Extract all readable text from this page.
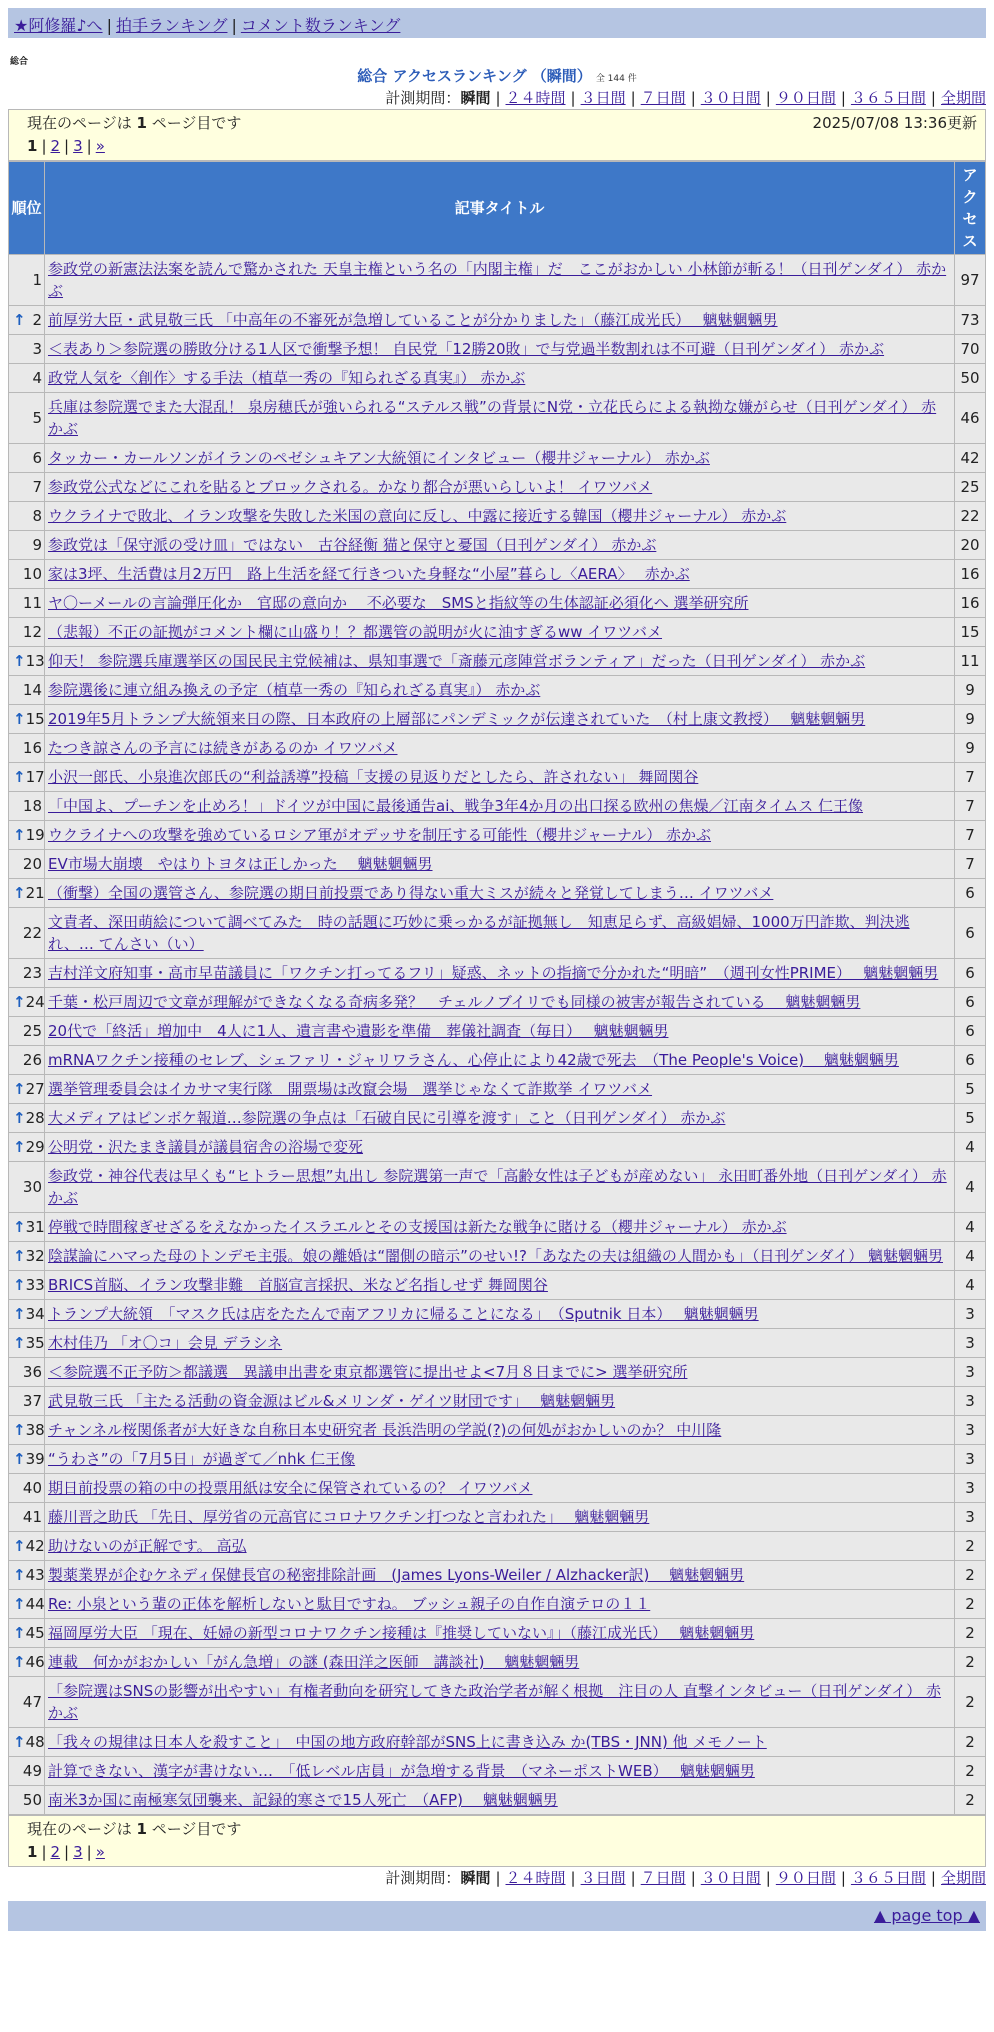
★阿修羅♪へ | 拍手ランキング | コメント数ランキング
総合
総合 アクセスランキング （瞬間） 全 144 件
計測期間：瞬間 | ２４時間 | ３日間 | ７日間 | ３０日間 | ９０日間 | ３６５日間 | 全期間
現在のページは 1 ページ目です	2025/07/08 13:36更新
1 | 2 | 3 | »
順位	記事タイトル	アクセス
1	参政党の新憲法法案を読んで驚かされた 天皇主権という名の「内閣主権」だ　ここがおかしい 小林節が斬る！（日刊ゲンダイ） 赤かぶ	97

↑ 2	前厚労大臣・武見敬三氏 「中高年の不審死が急増していることが分かりました」（藤江成光氏）　 魑魅魍魎男	73
3	＜表あり＞参院選の勝敗分ける1人区で衝撃予想！ 自民党「12勝20敗」で与党過半数割れは不可避（日刊ゲンダイ） 赤かぶ	70
4	政党人気を〈創作〉する手法（植草一秀の『知られざる真実』） 赤かぶ	50
5	兵庫は参院選でまた大混乱！ 泉房穂氏が強いられる“ステルス戦”の背景にN党・立花氏らによる執拗な嫌がらせ（日刊ゲンダイ） 赤かぶ	46
6	タッカー・カールソンがイランのペゼシュキアン大統領にインタビュー（櫻井ジャーナル） 赤かぶ	42
7	参政党公式などにこれを貼るとブロックされる。かなり都合が悪いらしいよ！ イワツバメ	25
8	ウクライナで敗北、イラン攻撃を失敗した米国の意向に反し、中露に接近する韓国（櫻井ジャーナル） 赤かぶ	22
9	参政党は「保守派の受け皿」ではない　古谷経衡 猫と保守と憂国（日刊ゲンダイ） 赤かぶ	20
10	家は3坪、生活費は月2万円　路上生活を経て行きついた身軽な“小屋”暮らし〈AERA〉　 赤かぶ	16
11	ヤ〇ーメールの言論弾圧化か　官邸の意向か　 不必要な　SMSと指紋等の生体認証必須化へ 選挙研究所	16
12	（悲報）不正の証拠がコメント欄に山盛り！？都選管の説明が火に油すぎるww イワツバメ	15

↑ 13	仰天！ 参院選兵庫選挙区の国民民主党候補は、県知事選で「斎藤元彦陣営ボランティア」だった（日刊ゲンダイ） 赤かぶ	11
14	参院選後に連立組み換えの予定（植草一秀の『知られざる真実』） 赤かぶ	9

↑ 15	2019年5月トランプ大統領来日の際、日本政府の上層部にパンデミックが伝達されていた　（村上康文教授）　 魑魅魍魎男	9
16	たつき諒さんの予言には続きがあるのか イワツバメ	9

↑ 17	小沢一郎氏、小泉進次郎氏の“利益誘導”投稿「支援の見返りだとしたら、許されない」 舞岡関谷	7
18	「中国よ、プーチンを止めろ！」ドイツが中国に最後通告ai、戦争3年4か月の出口探る欧州の焦燥／江南タイムス 仁王像	7

↑ 19	ウクライナへの攻撃を強めているロシア軍がオデッサを制圧する可能性（櫻井ジャーナル） 赤かぶ	7
20	EV市場大崩壊　やはりトヨタは正しかった　 魑魅魍魎男	7

↑ 21	（衝撃）全国の選管さん、参院選の期日前投票であり得ない重大ミスが続々と発覚してしまう… イワツバメ	6
22	文責者、深田萌絵について調べてみた　時の話題に巧妙に乗っかるが証拠無し　知恵足らず、高級娼婦、1000万円詐欺、判決逃れ、… てんさい（い）	6
23	吉村洋文府知事・高市早苗議員に「ワクチン打ってるフリ」疑惑、ネットの指摘で分かれた“明暗”　（週刊女性PRIME）　 魑魅魍魎男	6

↑ 24	千葉・松戸周辺で文章が理解ができなくなる奇病多発？　チェルノブイリでも同様の被害が報告されている　 魑魅魍魎男	6
25	20代で「終活」増加中　4人に1人、遺言書や遺影を準備　葬儀社調査（毎日）　 魑魅魍魎男	6
26	mRNAワクチン接種のセレブ、シェファリ・ジャリワラさん、心停止により42歳で死去　（The People's Voice)　 魑魅魍魎男	6

↑ 27	選挙管理委員会はイカサマ実行隊　開票場は改竄会場　選挙じゃなくて詐欺挙 イワツバメ	5

↑ 28	大メディアはピンボケ報道…参院選の争点は「石破自民に引導を渡す」こと（日刊ゲンダイ） 赤かぶ	5

↑ 29	公明党・沢たまき議員が議員宿舎の浴場で変死	4
30	参政党・神谷代表は早くも“ヒトラー思想”丸出し 参院選第一声で「高齢女性は子どもが産めない」 永田町番外地（日刊ゲンダイ） 赤かぶ	4

↑ 31	停戦で時間稼ぎせざるをえなかったイスラエルとその支援国は新たな戦争に賭ける（櫻井ジャーナル） 赤かぶ	4

↑ 32	陰謀論にハマった母のトンデモ主張。娘の離婚は“闇側の暗示”のせい!?「あなたの夫は組織の人間かも」（日刊ゲンダイ） 魑魅魍魎男	4

↑ 33	BRICS首脳、イラン攻撃非難　首脳宣言採択、米など名指しせず 舞岡関谷	4

↑ 34	トランプ大統領　「マスク氏は店をたたんで南アフリカに帰ることになる」　（Sputnik 日本）　 魑魅魍魎男	3

↑ 35	木村佳乃 「オ〇コ」会見 デラシネ	3
36	＜参院選不正予防＞都議選　異議申出書を東京都選管に提出せよ<7月８日までに> 選挙研究所	3
37	武見敬三氏 「主たる活動の資金源はビル&メリンダ・ゲイツ財団です」　 魑魅魍魎男	3

↑ 38	チャンネル桜関係者が大好きな自称日本史研究者 長浜浩明の学説(?)の何処がおかしいのか？ 中川隆	3

↑ 39	“うわさ”の「7月5日」が過ぎて／nhk 仁王像	3
40	期日前投票の箱の中の投票用紙は安全に保管されているの？ イワツバメ	3
41	藤川晋之助氏 「先日、厚労省の元高官にコロナワクチン打つなと言われた」　 魑魅魍魎男	3

↑ 42	助けないのが正解です。 高弘	2

↑ 43	製薬業界が企むケネディ保健長官の秘密排除計画　(James Lyons-Weiler / Alzhacker訳)　 魑魅魍魎男	2

↑ 44	Re: 小泉という輩の正体を解析しないと駄目ですね。 ブッシュ親子の自作自演テロの１１	2

↑ 45	福岡厚労大臣 「現在、妊婦の新型コロナワクチン接種は『推奨していない』」（藤江成光氏）　 魑魅魍魎男	2

↑ 46	連載　何かがおかしい「がん急増」の謎 (森田洋之医師　講談社)　 魑魅魍魎男	2
47	「参院選はSNSの影響が出やすい」有権者動向を研究してきた政治学者が解く根拠　注目の人 直撃インタビュー（日刊ゲンダイ） 赤かぶ	2

↑ 48	「我々の規律は日本人を殺すこと」　中国の地方政府幹部がSNS上に書き込み か(TBS・JNN) 他 メモノート	2
49	計算できない、漢字が書けない…　「低レベル店員」が急増する背景　（マネーポストWEB）　 魑魅魍魎男	2
50	南米3か国に南極寒気団襲来、記録的寒さで15人死亡　（AFP)　 魑魅魍魎男	2
現在のページは 1 ページ目です
1 | 2 | 3 | »
計測期間：瞬間 | ２４時間 | ３日間 | ７日間 | ３０日間 | ９０日間 | ３６５日間 | 全期間
▲ page top ▲
